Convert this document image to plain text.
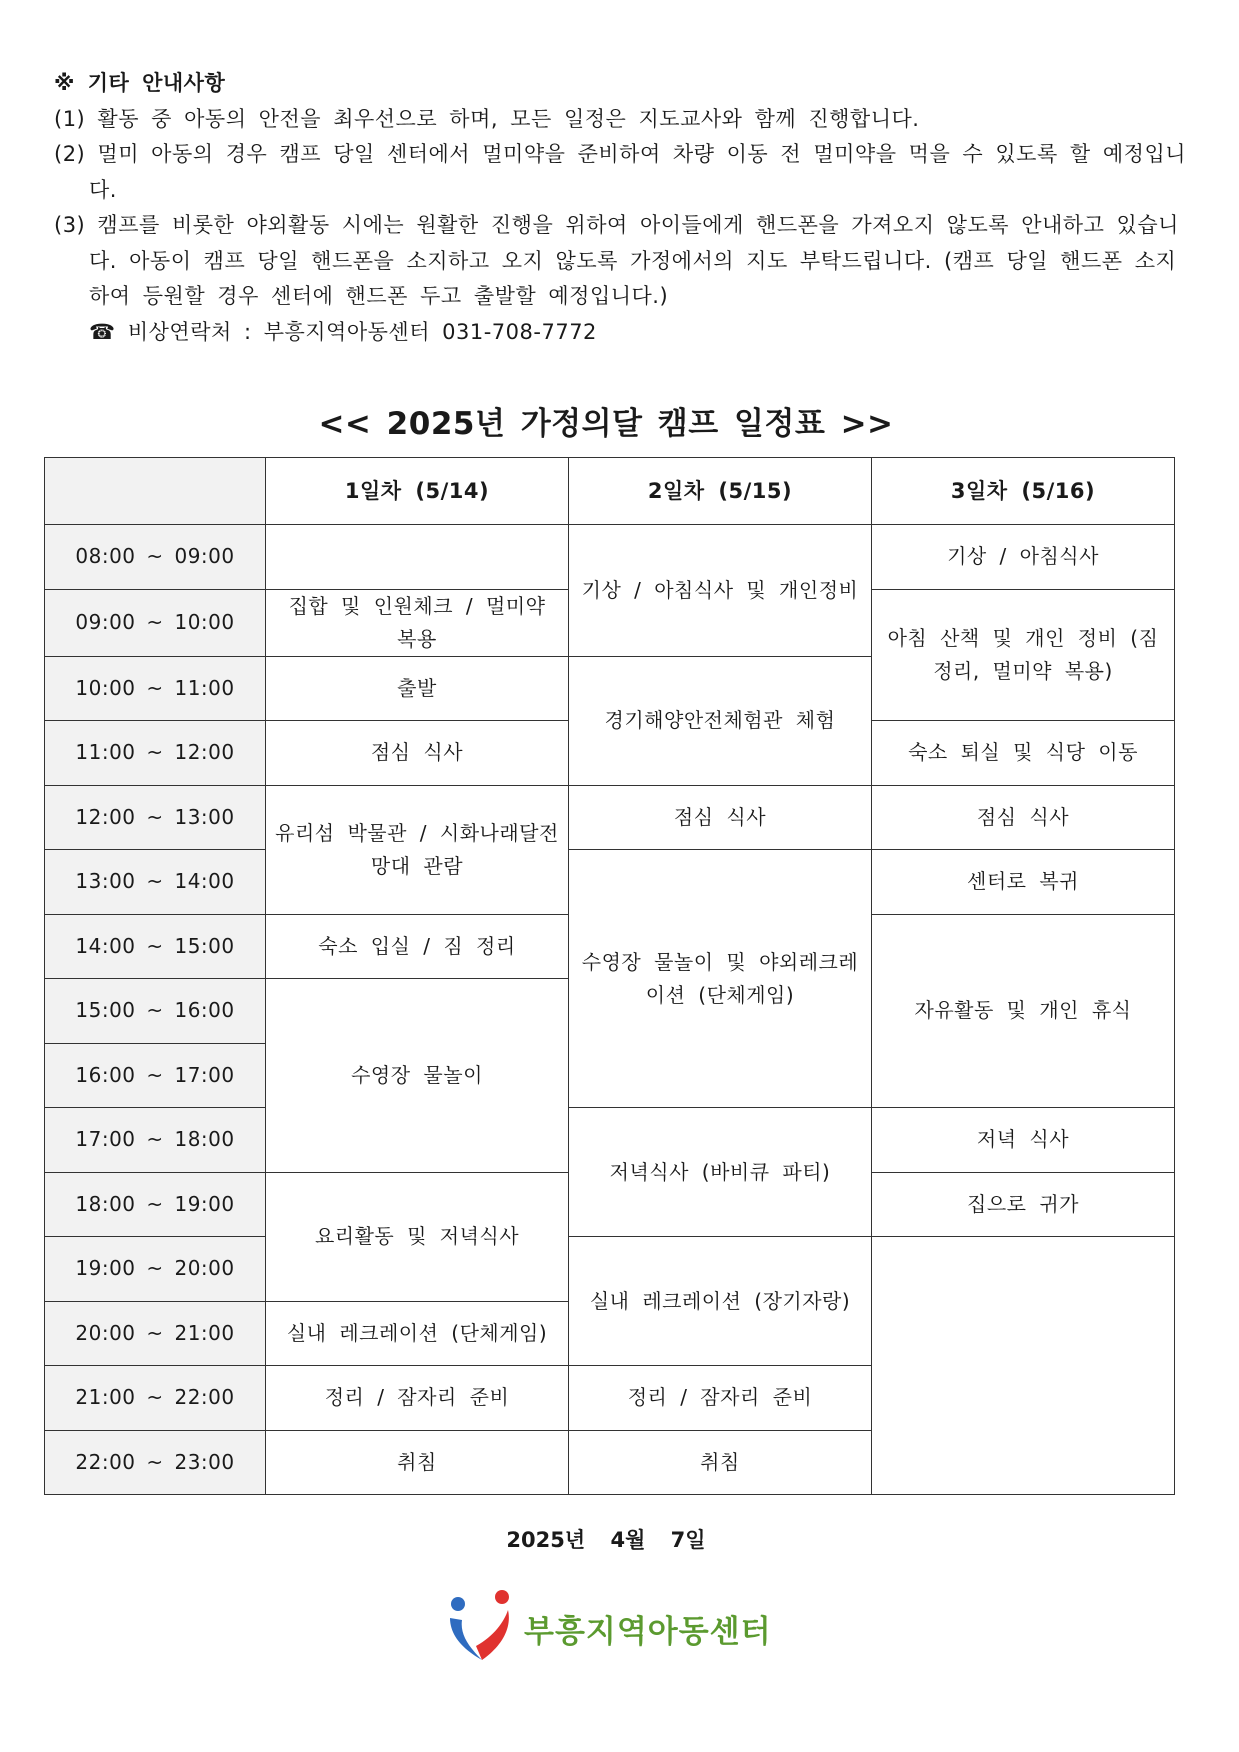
※ 기타 안내사항
(1) 활동 중 아동의 안전을 최우선으로 하며, 모든 일정은 지도교사와 함께 진행합니다.
(2) 멀미 아동의 경우 캠프 당일 센터에서 멀미약을 준비하여 차량 이동 전 멀미약을 먹을 수 있도록 할 예정입니다.
(3) 캠프를 비롯한 야외활동 시에는 원활한 진행을 위하여 아이들에게 핸드폰을 가져오지 않도록 안내하고 있습니다. 아동이 캠프 당일 핸드폰을 소지하고 오지 않도록 가정에서의 지도 부탁드립니다. (캠프 당일 핸드폰 소지하여 등원할 경우 센터에 핸드폰 두고 출발할 예정입니다.)
☎ 비상연락처 : 부흥지역아동센터 031-708-7772
<< 2025년 가정의달 캠프 일정표 >>
	1일차 (5/14)	2일차 (5/15)	3일차 (5/16)
08:00 ~ 09:00		기상 / 아침식사 및 개인정비	기상 / 아침식사
09:00 ~ 10:00	집합 및 인원체크 / 멀미약 복용		아침 산책 및 개인 정비 (짐 정리, 멀미약 복용)
10:00 ~ 11:00	출발	경기해양안전체험관 체험	
11:00 ~ 12:00	점심 식사		숙소 퇴실 및 식당 이동
12:00 ~ 13:00	유리섬 박물관 / 시화나래달전망대 관람	점심 식사	점심 식사
13:00 ~ 14:00		수영장 물놀이 및 야외레크레이션 (단체게임)	센터로 복귀
14:00 ~ 15:00	숙소 입실 / 짐 정리		자유활동 및 개인 휴식
15:00 ~ 16:00	수영장 물놀이		
16:00 ~ 17:00			
17:00 ~ 18:00		저녁식사 (바비큐 파티)	저녁 식사
18:00 ~ 19:00	요리활동 및 저녁식사		집으로 귀가
19:00 ~ 20:00		실내 레크레이션 (장기자랑)	
20:00 ~ 21:00	실내 레크레이션 (단체게임)		
21:00 ~ 22:00	정리 / 잠자리 준비	정리 / 잠자리 준비	
22:00 ~ 23:00	취침	취침	
2025년 4월 7일
부흥지역아동센터
